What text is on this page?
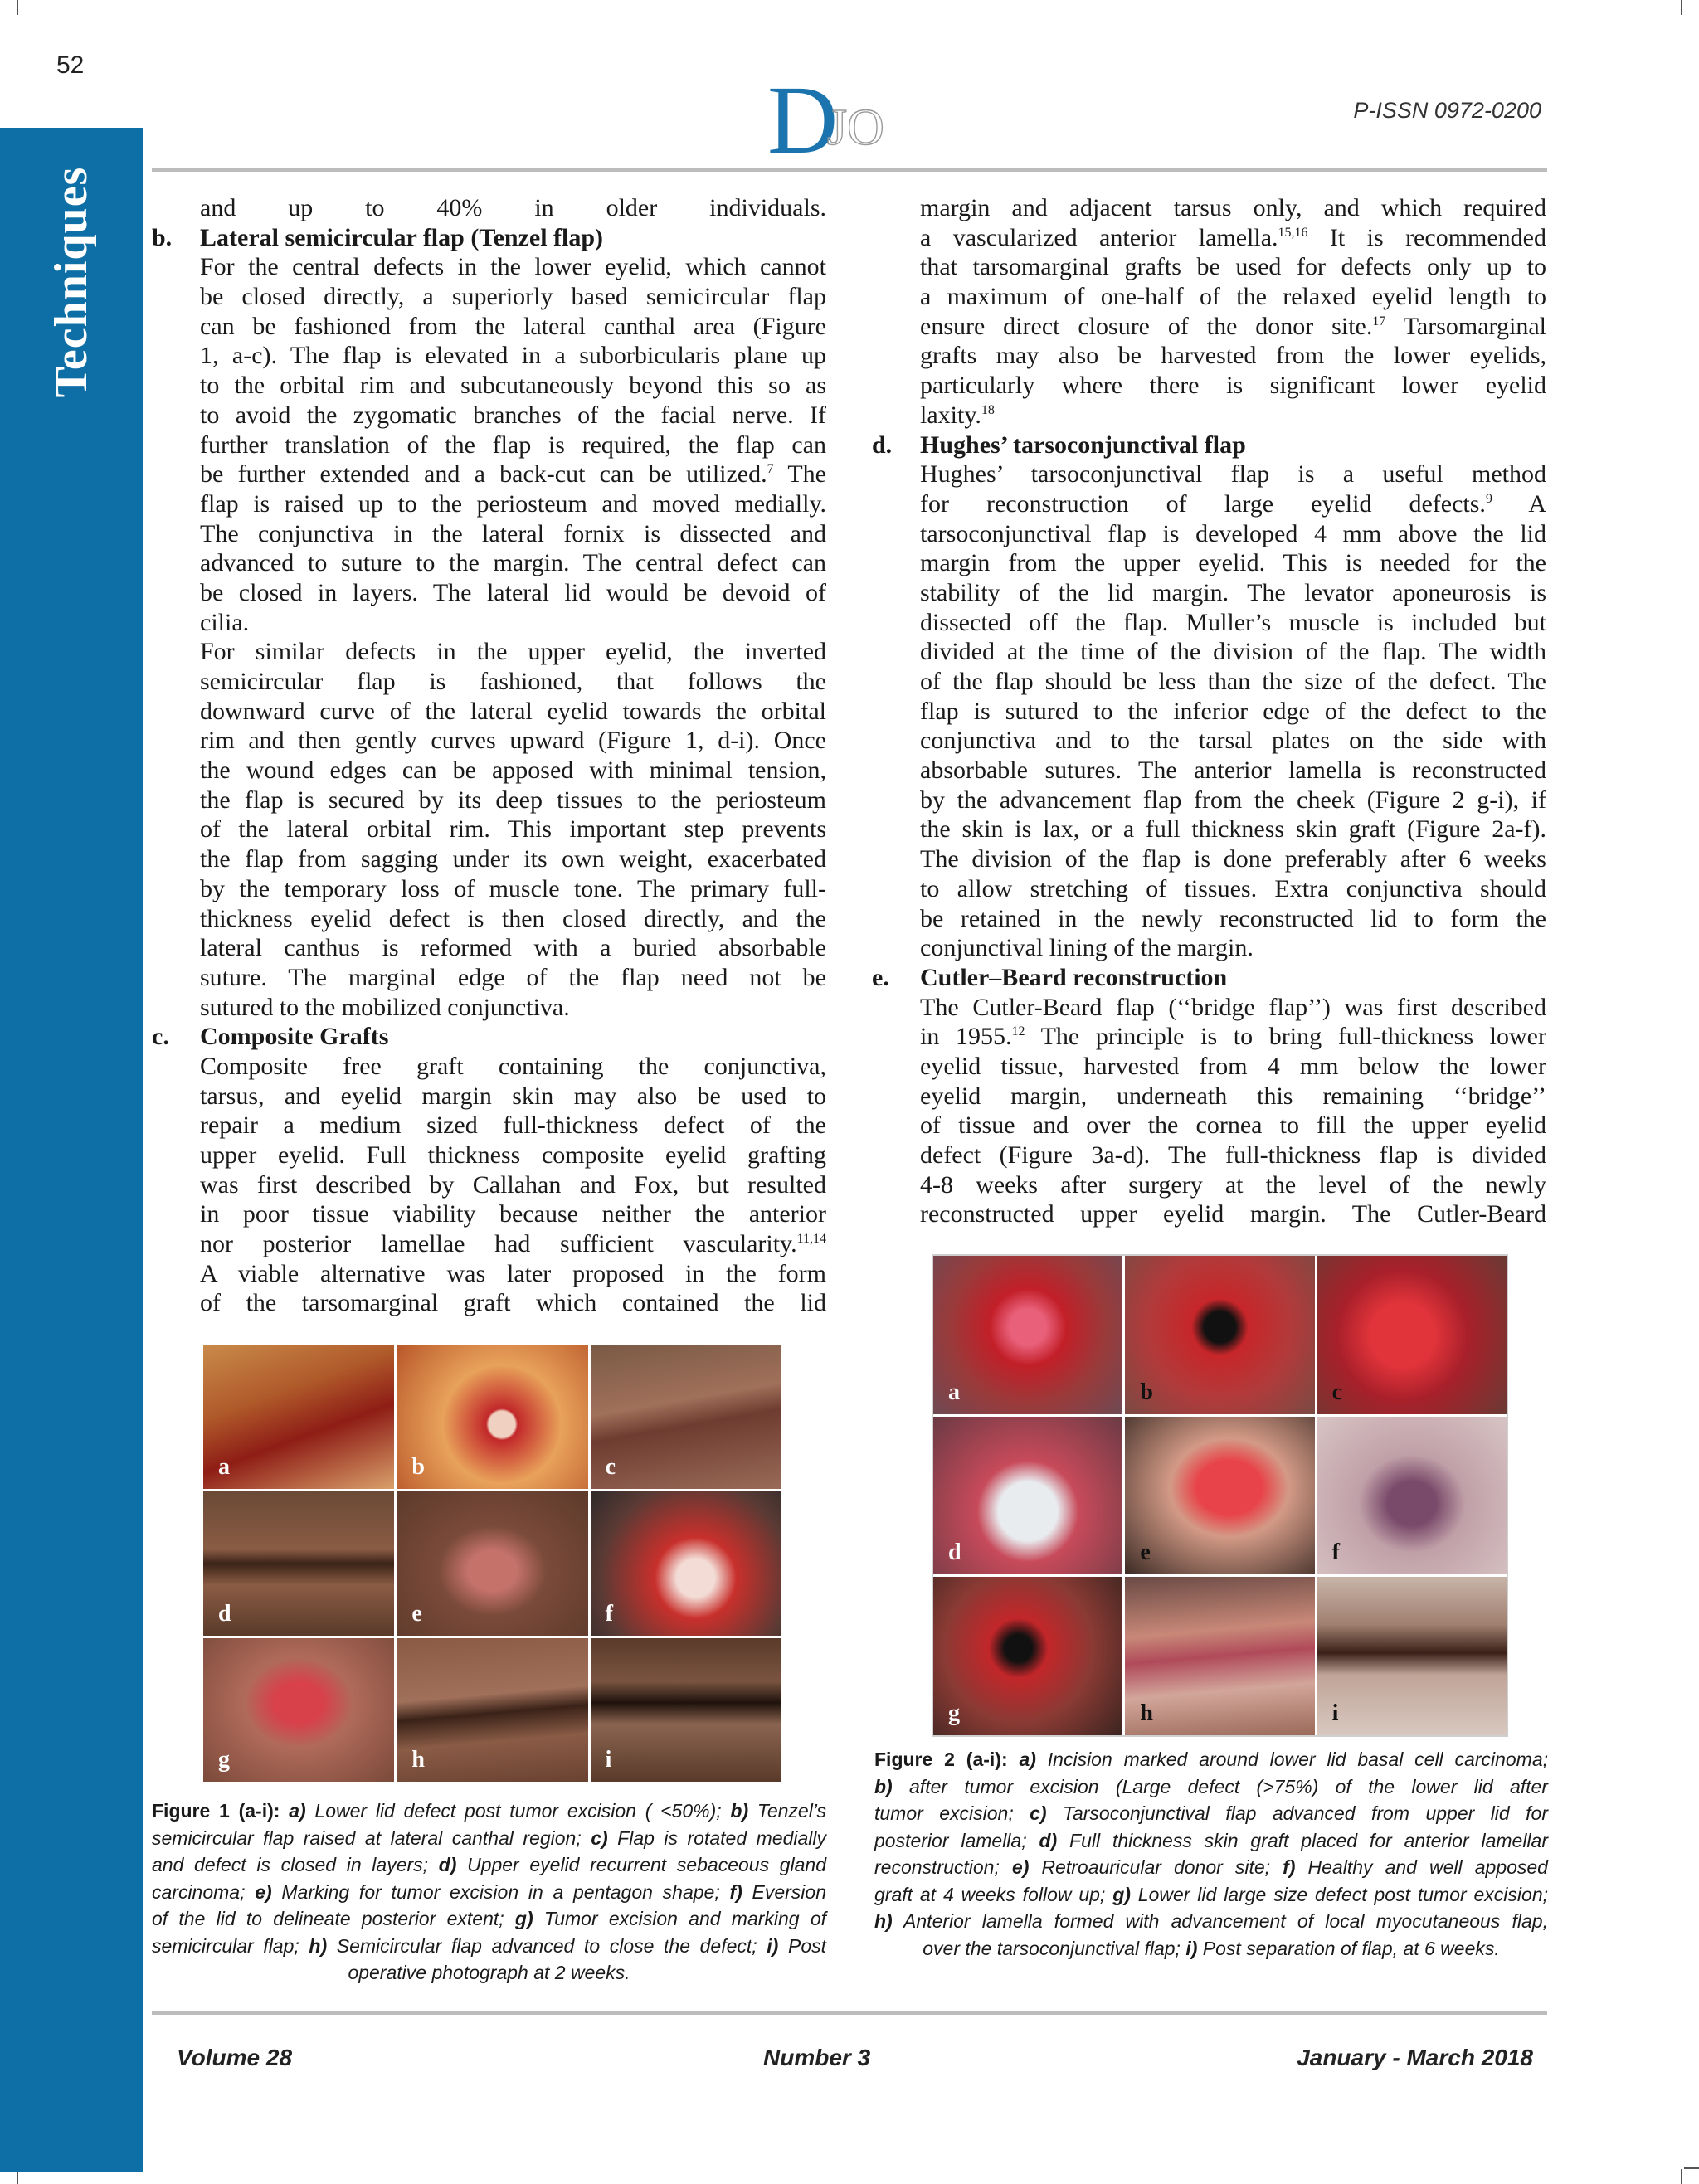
52
D
JO	P-ISSN 0972-0200
Techniques	and up to 40% in older individuals.
b. Lateral semicircular flap (Tenzel flap)
For the central defects in the lower eyelid, which cannot
be closed directly, a superiorly based semicircular flap
can be fashioned from the lateral canthal area (Figure
1, a-c). The flap is elevated in a suborbicularis plane up
to the orbital rim and subcutaneously beyond this so as
to avoid the zygomatic branches of the facial nerve. If
further translation of the flap is required, the flap can
be further extended and a back-cut can be utilized.$^7$ The
flap is raised up to the periosteum and moved medially.
The conjunctiva in the lateral fornix is dissected and
advanced to suture to the margin. The central defect can
be closed in layers. The lateral lid would be devoid of
cilia.
For similar defects in the upper eyelid, the inverted
semicircular flap is fashioned, that follows the
downward curve of the lateral eyelid towards the orbital
rim and then gently curves upward (Figure 1, d-i). Once
the wound edges can be apposed with minimal tension,
the flap is secured by its deep tissues to the periosteum
of the lateral orbital rim. This important step prevents
the flap from sagging under its own weight, exacerbated
by the temporary loss of muscle tone. The primary full-
thickness eyelid defect is then closed directly, and the
lateral canthus is reformed with a buried absorbable
suture. The marginal edge of the flap need not be
sutured to the mobilized conjunctiva.
c. Composite Grafts
Composite free graft containing the conjunctiva,
tarsus, and eyelid margin skin may also be used to
repair a medium sized full-thickness defect of the
upper eyelid. Full thickness composite eyelid grafting
was first described by Callahan and Fox, but resulted
in poor tissue viability because neither the anterior
nor posterior lamellae had sufficient vascularity.$^{11,14}$
A viable alternative was later proposed in the form
of the tarsomarginal graft which contained the lid
margin and adjacent tarsus only, and which required
a vascularized anterior lamella.$^{15,16}$ It is recommended
that tarsomarginal grafts be used for defects only up to
a maximum of one-half of the relaxed eyelid length to
ensure direct closure of the donor site.$^{17}$ Tarsomarginal
grafts may also be harvested from the lower eyelids,
particularly where there is significant lower eyelid
laxity.$^{18}$
d. Hughes’ tarsoconjunctival flap
Hughes’ tarsoconjunctival flap is a useful method
for reconstruction of large eyelid defects.$^9$ A
tarsoconjunctival flap is developed 4 mm above the lid
margin from the upper eyelid. This is needed for the
stability of the lid margin. The levator aponeurosis is
dissected off the flap. Muller’s muscle is included but
divided at the time of the division of the flap. The width
of the flap should be less than the size of the defect. The
flap is sutured to the inferior edge of the defect to the
conjunctiva and to the tarsal plates on the side with
absorbable sutures. The anterior lamella is reconstructed
by the advancement flap from the cheek (Figure 2 g-i), if
the skin is lax, or a full thickness skin graft (Figure 2a-f).
The division of the flap is done preferably after 6 weeks
to allow stretching of tissues. Extra conjunctiva should
be retained in the newly reconstructed lid to form the
conjunctival lining of the margin.
e. Cutler–Beard reconstruction
The Cutler-Beard flap (‘‘bridge flap’’) was first described
in 1955.12 The principle is to bring full-thickness lower
eyelid tissue, harvested from 4 mm below the lower
eyelid margin, underneath this remaining ‘‘bridge’’
of tissue and over the cornea to fill the upper eyelid
defect (Figure 3a-d). The full-thickness flap is divided
4-8 weeks after surgery at the level of the newly
reconstructed upper eyelid margin. The Cutler-Beard
a	b	c
d	e	f
g	h	i
Figure 1 (a-i): a) Lower lid defect post tumor excision ( <50%); b) Tenzel’s
semicircular flap raised at lateral canthal region; c) Flap is rotated medially
and defect is closed in layers; d) Upper eyelid recurrent sebaceous gland
carcinoma; e) Marking for tumor excision in a pentagon shape; f) Eversion
of the lid to delineate posterior extent; g) Tumor excision and marking of
semicircular flap; h) Semicircular flap advanced to close the defect; i) Post
operative photograph at 2 weeks.
a	b	c
d	e	f
g	h	i
Figure 2 (a-i): a) Incision marked around lower lid basal cell carcinoma;
b) after tumor excision (Large defect (>75%) of the lower lid after
tumor excision; c) Tarsoconjunctival flap advanced from upper lid for
posterior lamella; d) Full thickness skin graft placed for anterior lamellar
reconstruction; e) Retroauricular donor site; f) Healthy and well apposed
graft at 4 weeks follow up; g) Lower lid large size defect post tumor excision;
h) Anterior lamella formed with advancement of local myocutaneous flap,
over the tarsoconjunctival flap; i) Post separation of flap, at 6 weeks.
Volume 28	Number 3	January - March 2018
